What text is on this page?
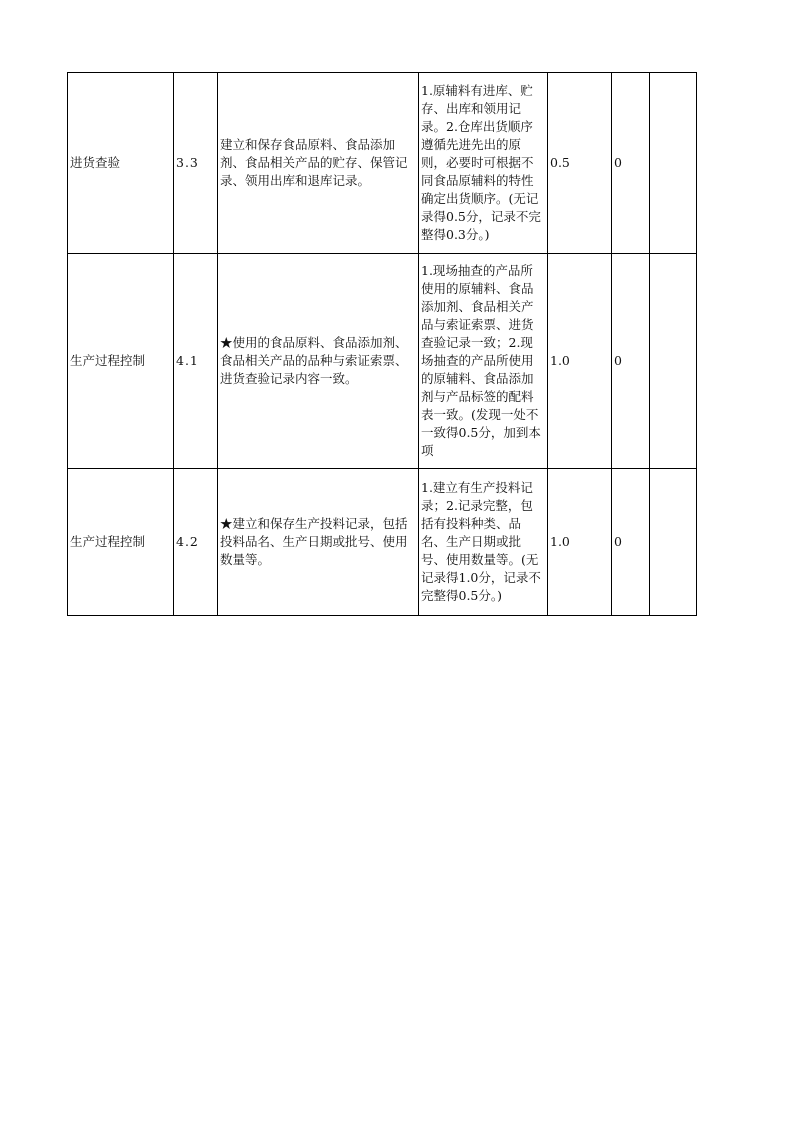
进货查验	3.3	建立和保存食品原料、食品添加剂、食品相关产品的贮存、保管记录、领用出库和退库记录。	1.原辅料有进库、贮存、出库和领用记录。2.仓库出货顺序遵循先进先出的原则，必要时可根据不同食品原辅料的特性确定出货顺序。(无记录得0.5分，记录不完整得0.3分。)	0.5	0	
生产过程控制	4.1	★使用的食品原料、食品添加剂、食品相关产品的品种与索证索票、进货查验记录内容一致。	1.现场抽查的产品所使用的原辅料、食品添加剂、食品相关产品与索证索票、进货查验记录一致；2.现场抽查的产品所使用的原辅料、食品添加剂与产品标签的配料表一致。(发现一处不一致得0.5分，加到本项	1.0	0	
生产过程控制	4.2	★建立和保存生产投料记录，包括投料品名、生产日期或批号、使用数量等。	1.建立有生产投料记录；2.记录完整，包括有投料种类、品名、生产日期或批号、使用数量等。(无记录得1.0分，记录不完整得0.5分。)	1.0	0	
